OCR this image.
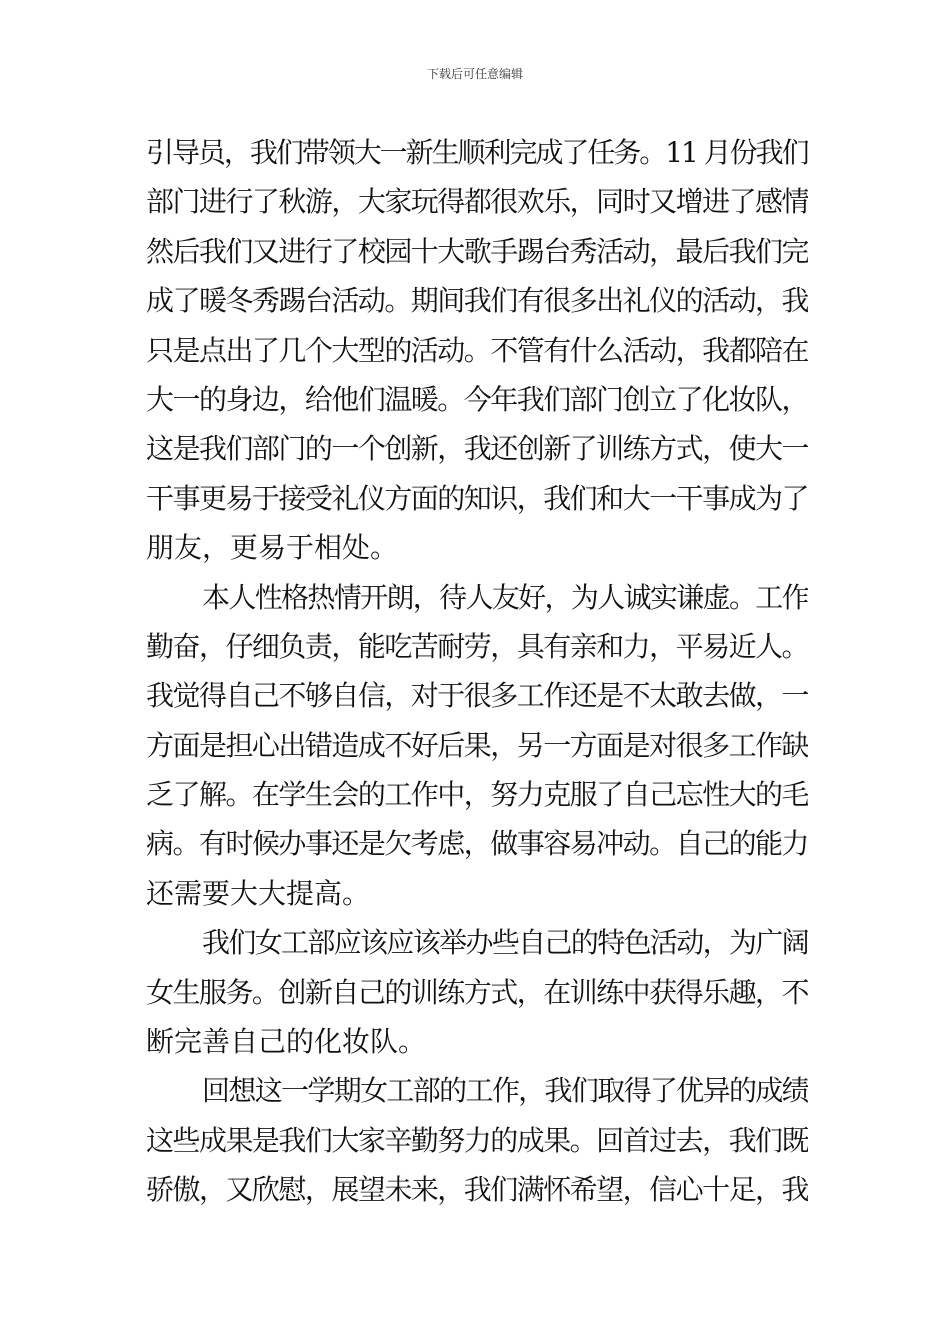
下载后可任意编辑
引导员，我们带领大一新生顺利完成了任务。11 月份我们
部门进行了秋游，大家玩得都很欢乐，同时又增进了感情
然后我们又进行了校园十大歌手踢台秀活动，最后我们完
成了暖冬秀踢台活动。期间我们有很多出礼仪的活动，我
只是点出了几个大型的活动。不管有什么活动，我都陪在
大一的身边，给他们温暖。今年我们部门创立了化妆队，
这是我们部门的一个创新，我还创新了训练方式，使大一
干事更易于接受礼仪方面的知识，我们和大一干事成为了
朋友，更易于相处。
本人性格热情开朗，待人友好，为人诚实谦虚。工作
勤奋，仔细负责，能吃苦耐劳，具有亲和力，平易近人。
我觉得自己不够自信，对于很多工作还是不太敢去做，一
方面是担心出错造成不好后果，另一方面是对很多工作缺
乏了解。在学生会的工作中，努力克服了自己忘性大的毛
病。有时候办事还是欠考虑，做事容易冲动。自己的能力
还需要大大提高。
我们女工部应该应该举办些自己的特色活动，为广阔
女生服务。创新自己的训练方式，在训练中获得乐趣，不
断完善自己的化妆队。
回想这一学期女工部的工作，我们取得了优异的成绩
这些成果是我们大家辛勤努力的成果。回首过去，我们既
骄傲，又欣慰，展望未来，我们满怀希望，信心十足，我
